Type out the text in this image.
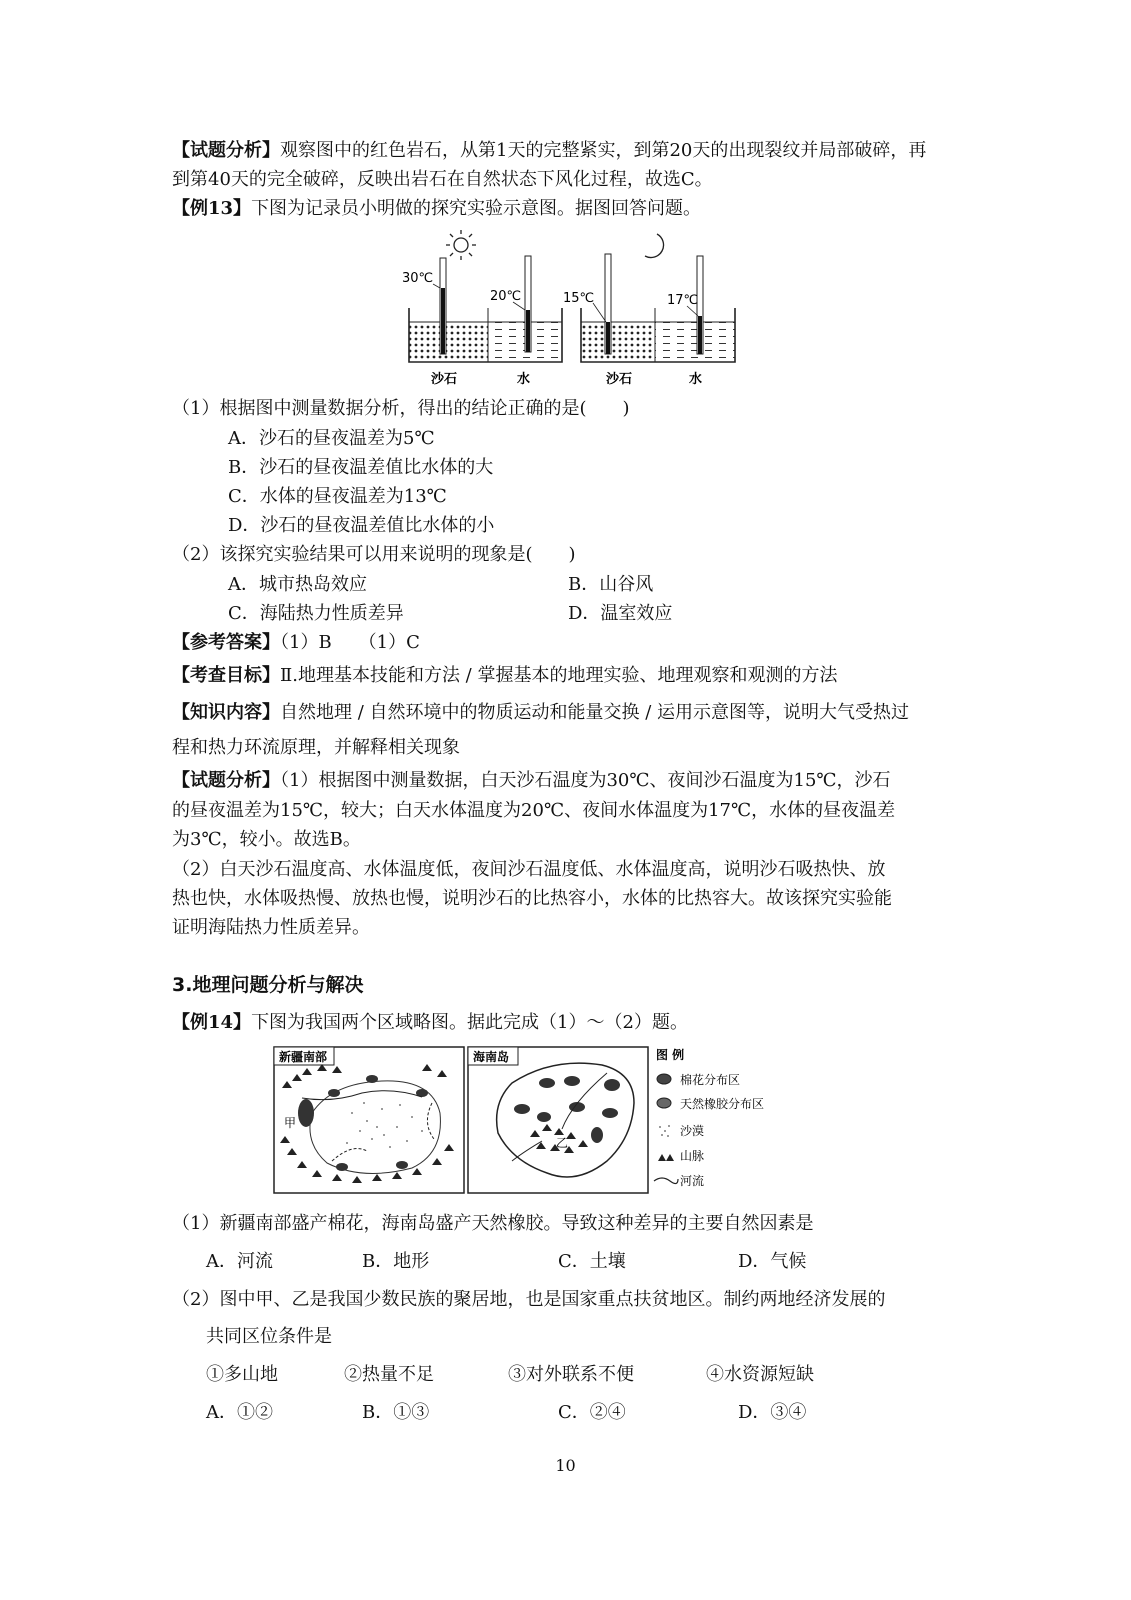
【试题分析】观察图中的红色岩石，从第1天的完整紧实，到第20天的出现裂纹并局部破碎，再
到第40天的完全破碎，反映出岩石在自然状态下风化过程，故选C。
【例13】下图为记录员小明做的探究实验示意图。据图回答问题。
30℃
20℃
沙石	水
15℃	17℃
沙石	水
（1）根据图中测量数据分析，得出的结论正确的是(　　)
A．沙石的昼夜温差为5℃
B．沙石的昼夜温差值比水体的大
C．水体的昼夜温差为13℃
D．沙石的昼夜温差值比水体的小
（2）该探究实验结果可以用来说明的现象是(　　)
A．城市热岛效应	B．山谷风
C．海陆热力性质差异	D．温室效应
【参考答案】（1）B　　（1）C
【考查目标】Ⅱ.地理基本技能和方法 / 掌握基本的地理实验、地理观察和观测的方法
【知识内容】自然地理 / 自然环境中的物质运动和能量交换 / 运用示意图等，说明大气受热过
程和热力环流原理，并解释相关现象
【试题分析】（1）根据图中测量数据，白天沙石温度为30℃、夜间沙石温度为15℃，沙石
的昼夜温差为15℃，较大；白天水体温度为20℃、夜间水体温度为17℃，水体的昼夜温差
为3℃，较小。故选B。
（2）白天沙石温度高、水体温度低，夜间沙石温度低、水体温度高，说明沙石吸热快、放
热也快，水体吸热慢、放热也慢，说明沙石的比热容小，水体的比热容大。故该探究实验能
证明海陆热力性质差异。
3.地理问题分析与解决
【例14】下图为我国两个区域略图。据此完成（1）～（2）题。
新疆南部
甲
海南岛
乙
图 例
棉花分布区
天然橡胶分布区
沙漠
山脉
河流
（1）新疆南部盛产棉花，海南岛盛产天然橡胶。导致这种差异的主要自然因素是
A．河流	B．地形	C．土壤	D．气候
（2）图中甲、乙是我国少数民族的聚居地，也是国家重点扶贫地区。制约两地经济发展的
共同区位条件是
①多山地	②热量不足	③对外联系不便	④水资源短缺
A．①②	B．①③	C．②④	D．③④
10
